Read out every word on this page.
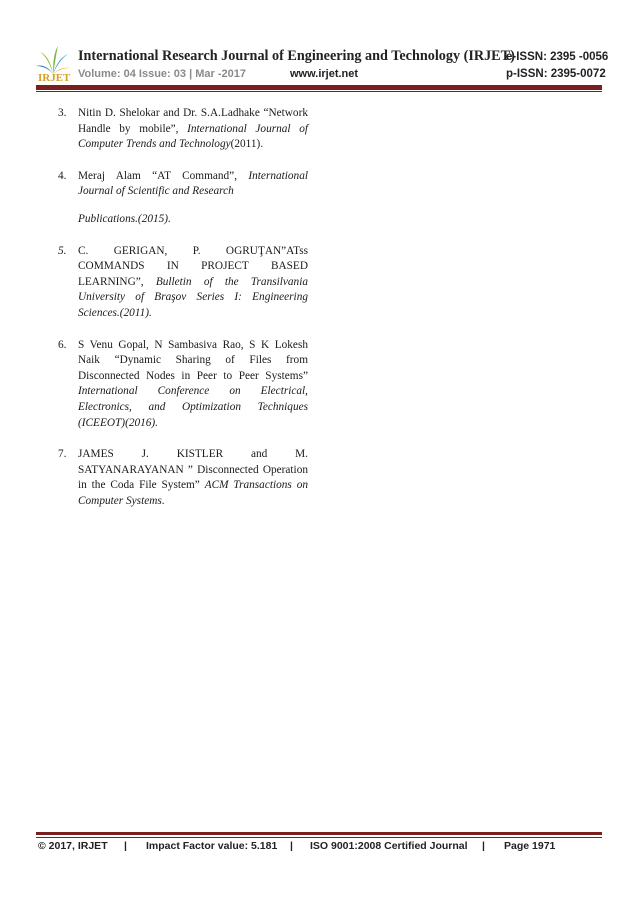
IRJET
International Research Journal of Engineering and Technology (IRJET)
e-ISSN: 2395 -0056
Volume: 04 Issue: 03 | Mar -2017	www.irjet.net	p-ISSN: 2395-0072
3.	Nitin D. Shelokar and Dr. S.A.Ladhake “Network Handle by mobile”, International Journal of Computer Trends and Technology(2011).
4.	Meraj Alam “AT Command”, International Journal of Scientific and Research
Publications.(2015).
5.	C. GERIGAN, P. OGRUŢAN”ATss COMMANDS IN PROJECT BASED LEARNING”, Bulletin of the Transilvania University of Braşov Series I: Engineering Sciences.(2011).
6.	S Venu Gopal, N Sambasiva Rao, S K Lokesh Naik “Dynamic Sharing of Files from Disconnected Nodes in Peer to Peer Systems” International Conference on Electrical, Electronics, and Optimization Techniques (ICEEOT)(2016).
7.	JAMES J. KISTLER and M. SATYANARAYANAN ” Disconnected Operation in the Coda File System” ACM Transactions on Computer Systems.
© 2017, IRJET | Impact Factor value: 5.181 | ISO 9001:2008 Certified Journal | Page 1971
